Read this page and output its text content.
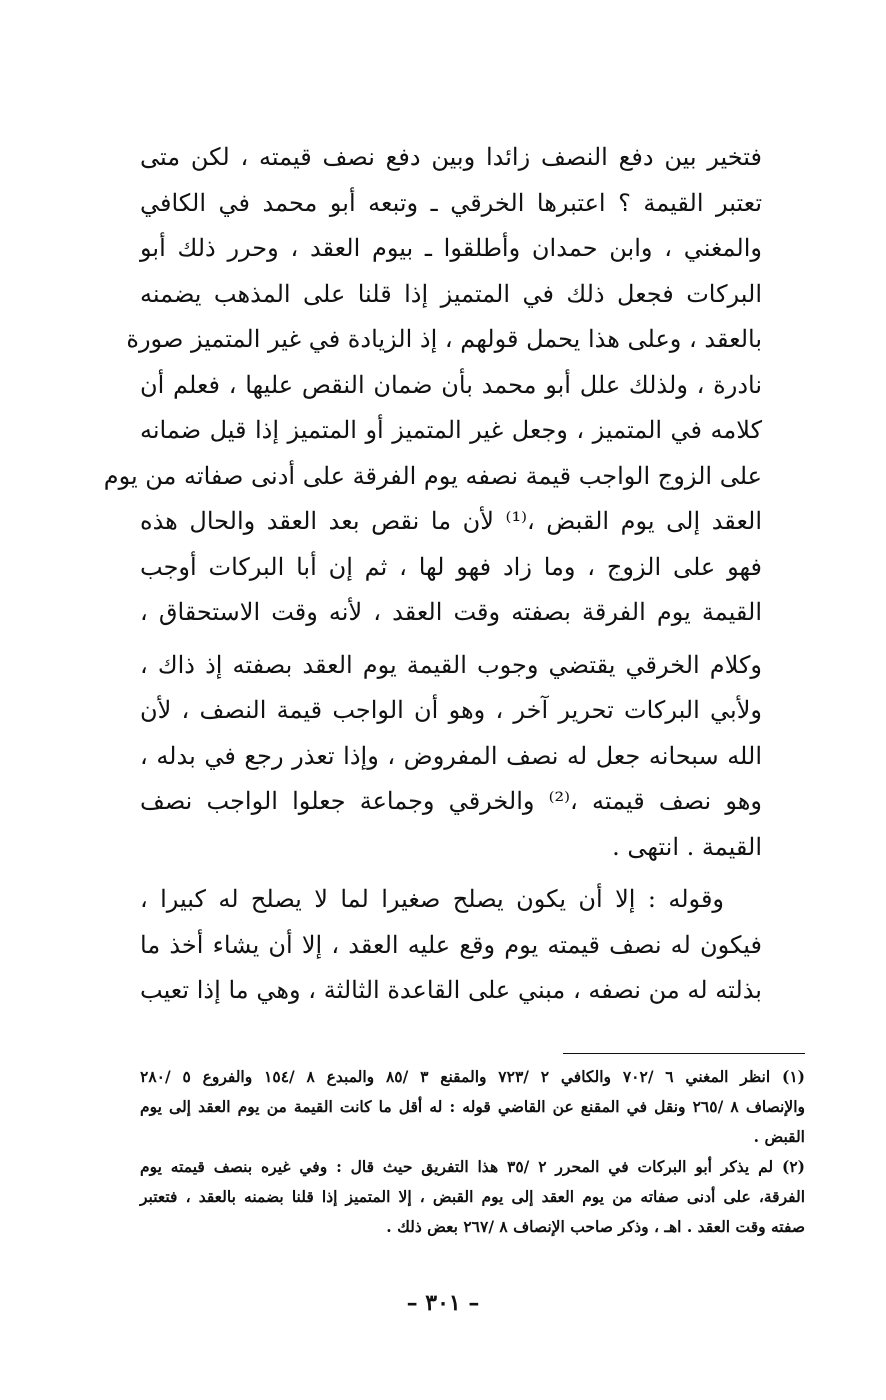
فتخير بين دفع النصف زائدا وبين دفع نصف قيمته ، لكن متى
تعتبر القيمة ؟ اعتبرها الخرقي ـ وتبعه أبو محمد في الكافي
والمغني ، وابن حمدان وأطلقوا ـ بيوم العقد ، وحرر ذلك أبو
البركات فجعل ذلك في المتميز إذا قلنا على المذهب يضمنه
بالعقد ، وعلى هذا يحمل قولهم ، إذ الزيادة في غير المتميز صورة
نادرة ، ولذلك علل أبو محمد بأن ضمان النقص عليها ، فعلم أن
كلامه في المتميز ، وجعل غير المتميز أو المتميز إذا قيل ضمانه
على الزوج الواجب قيمة نصفه يوم الفرقة على أدنى صفاته من يوم
العقد إلى يوم القبض ،⁽¹⁾ لأن ما نقص بعد العقد والحال هذه
فهو على الزوج ، وما زاد فهو لها ، ثم إن أبا البركات أوجب
القيمة يوم الفرقة بصفته وقت العقد ، لأنه وقت الاستحقاق ،
وكلام الخرقي يقتضي وجوب القيمة يوم العقد بصفته إذ ذاك ،
ولأبي البركات تحرير آخر ، وهو أن الواجب قيمة النصف ، لأن
الله سبحانه جعل له نصف المفروض ، وإذا تعذر رجع في بدله ،
وهو نصف قيمته ،⁽²⁾ والخرقي وجماعة جعلوا الواجب نصف
القيمة . انتهى .
وقوله : إلا أن يكون يصلح صغيرا لما لا يصلح له كبيرا ،
فيكون له نصف قيمته يوم وقع عليه العقد ، إلا أن يشاء أخذ ما
بذلته له من نصفه ، مبني على القاعدة الثالثة ، وهي ما إذا تعيب
(١) انظر المغني ٦ /٧٠٢ والكافي ٢ /٧٢٣ والمقنع ٣ /٨٥ والمبدع ٨ /١٥٤ والفروع ٥ /٢٨٠
والإنصاف ٨ /٢٦٥ ونقل في المقنع عن القاضي قوله : له أقل ما كانت القيمة من يوم العقد إلى يوم
القبض .
(٢) لم يذكر أبو البركات في المحرر ٢ /٣٥ هذا التفريق حيث قال : وفي غيره بنصف قيمته يوم
الفرقة، على أدنى صفاته من يوم العقد إلى يوم القبض ، إلا المتميز إذا قلنا بضمنه بالعقد ، فتعتبر
صفته وقت العقد . اهـ ، وذكر صاحب الإنصاف ٨ /٢٦٧ بعض ذلك .
– ٣٠١ –
